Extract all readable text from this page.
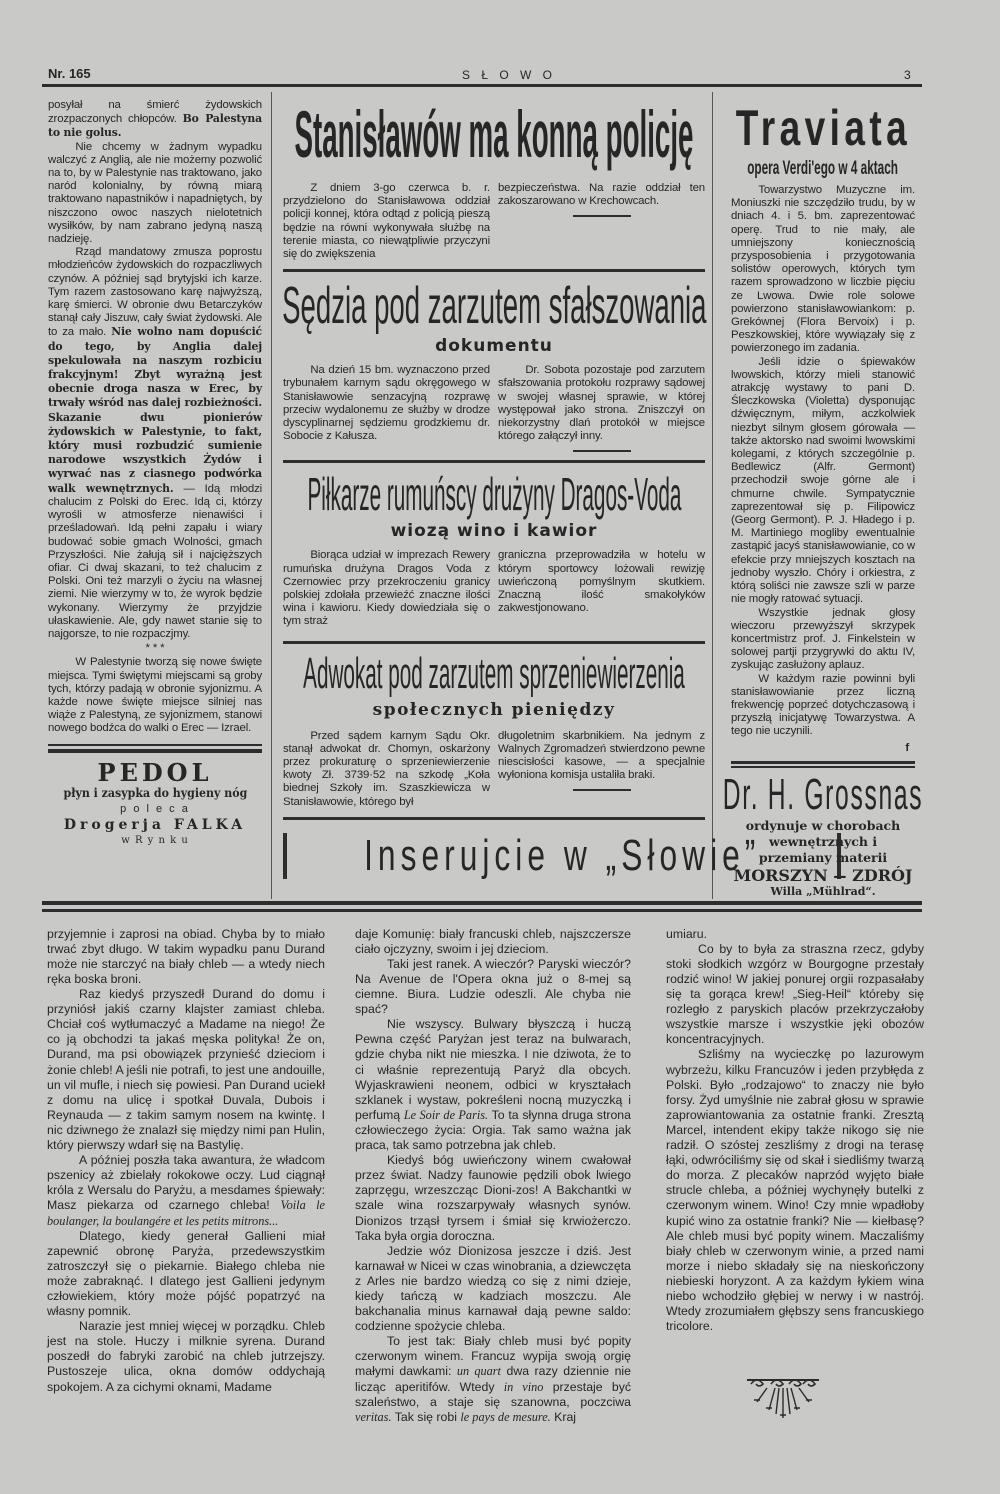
Nr. 165	S Ł O W O	3

posyłał na śmierć żydowskich zrozpaczonych chłopców. Bo Palestyna to nie golus.

Nie chcemy w żadnym wypadku walczyć z Anglią, ale nie możemy pozwolić na to, by w Palestynie nas traktowano, jako naród kolonialny, by równą miarą traktowano napastników i napadniętych, by niszczono owoc naszych nielotetnich wysiłków, by nam zabrano jedyną naszą nadzieję.

Rząd mandatowy zmusza poprostu młodzieńców żydowskich do rozpaczliwych czynów. A później sąd brytyjski ich karze. Tym razem zastosowano karę najwyższą, karę śmierci. W obronie dwu Betarczyków stanął cały Jiszuw, cały świat żydowski. Ale to za mało. Nie wolno nam dopuścić do tego, by Anglia dalej spekulowała na naszym rozbiciu frakcyjnym! Zbyt wyrażną jest obecnie droga nasza w Erec, by trwały wśród nas dalej rozbieżności. Skazanie dwu pionierów żydowskich w Palestynie, to fakt, który musi rozbudzić sumienie narodowe wszystkich Żydów i wyrwać nas z ciasnego podwórka walk wewnętrznych. — Idą młodzi chalucim z Polski do Erec. Idą ci, którzy wyrośli w atmosferze nienawiści i prześladowań. Idą pełni zapału i wiary budować sobie gmach Wolności, gmach Przyszłości. Nie żałują sił i najcięższych ofiar. Ci dwaj skazani, to też chalucim z Polski. Oni też marzyli o życiu na własnej ziemi. Nie wierzymy w to, że wyrok będzie wykonany. Wierzymy że przyjdzie ułaskawienie. Ale, gdy nawet stanie się to najgorsze, to nie rozpaczjmy.

* * *

W Palestynie tworzą się nowe święte miejsca. Tymi świętymi miejscami są groby tych, którzy padają w obronie syjonizmu. A każde nowe święte miejsce silniej nas wiąże z Palestyną, ze syjonizmem, stanowi nowego bodźca do walki o Erec — Izrael.

PEDOL
płyn i zasypka do hygieny nóg
p o l e c a
Drogerja FALKA
w R y n k u
Stanisławów ma konną policję

Z dniem 3-go czerwca b. r. przydzielono do Stanisławowa oddział policji konnej, która odtąd z policją pieszą będzie na równi wykonywała służbę na terenie miasta, co niewątpliwie przyczyni się do zwiększenia

bezpieczeństwa. Na razie oddział ten zakoszarowano w Krechowcach.

Sędzia pod zarzutem sfałszowania
dokumentu

Na dzień 15 bm. wyznaczono przed trybunałem karnym sądu okręgowego w Stanisławowie senzacyjną rozprawę przeciw wydalonemu ze służby w drodze dyscyplinarnej sędziemu grodzkiemu dr. Sobocie z Kałusza.

Dr. Sobota pozostaje pod zarzutem sfałszowania protokołu rozprawy sądowej w swojej własnej sprawie, w której występował jako strona. Zniszczył on niekorzystny dlań protokół w miejsce którego załączył inny.

Piłkarze rumuńscy drużyny Dragos-Voda
wiozą wino i kawior

Biorąca udział w imprezach Rewery rumuńska drużyna Dragos Voda z Czernowiec przy przekroczeniu granicy polskiej zdołała przewieźć znaczne ilości wina i kawioru. Kiedy dowiedziała się o tym straż

graniczna przeprowadziła w hotelu w którym sportowcy lożowali rewizję uwieńczoną pomyślnym skutkiem. Znaczną ilość smakołyków zakwestjonowano.

Adwokat pod zarzutem sprzeniewierzenia
społecznych pieniędzy

Przed sądem karnym Sądu Okr. stanął adwokat dr. Chomyn, oskarżony przez prokuraturę o sprzeniewierzenie kwoty Zł. 3739·52 na szkodę „Koła biednej Szkoły im. Szaszkiewicza w Stanisławowie, którego był

długoletnim skarbnikiem. Na jednym z Walnych Zgromadzeń stwierdzono pewne niescisłości kasowe, — a specjalnie wyłoniona komisja ustaliła braki.

Inserujcie w „Słowie”
Traviata
opera Verdi'ego w 4 aktach

Towarzystwo Muzyczne im. Moniuszki nie szczędziło trudu, by w dniach 4. i 5. bm. zaprezentować operę. Trud to nie mały, ale umniejszony koniecznością przysposobienia i przygotowania solistów operowych, których tym razem sprowadzono w liczbie pięciu ze Lwowa. Dwie role solowe powierzono stanisławowiankom: p. Grekównej (Flora Bervoix) i p. Peszkowskiej, które wywiązały się z powierzonego im zadania.

Jeśli idzie o śpiewaków lwowskich, którzy mieli stanowić atrakcję wystawy to pani D. Śleczkowska (Violetta) dysponując dźwięcznym, miłym, aczkolwiek niezbyt silnym głosem górowała — także aktorsko nad swoimi lwowskimi kolegami, z których szczególnie p. Bedlewicz (Alfr. Germont) przechodził swoje górne ale i chmurne chwile. Sympatycznie zaprezentował się p. Filipowicz (Georg Germont). P. J. Hładego i p. M. Martiniego mogliby ewentualnie zastąpić jacyś stanisławowianie, co w efekcie przy mniejszych kosztach na jednoby wyszło. Chóry i orkiestra, z którą soliści nie zawsze szli w parze nie mogły ratować sytuacji.

Wszystkie jednak głosy wieczoru przewyższył skrzypek koncertmistrz prof. J. Finkelstein w solowej partji przygrywki do aktu IV, zyskując zasłużony aplauz.

W każdym razie powinni byli stanisławowianie przez liczną frekwencję poprzeć dotychczasową i przyszłą inicjatywę Towarzystwa. A tego nie uczynili.

f
Dr. H. Grossnas
ordynuje w chorobach wewnętrznych i przemiany materii
MORSZYN -- ZDRÓJ
Willa „Mühlrad“.

przyjemnie i zaprosi na obiad. Chyba by to miało trwać zbyt długo. W takim wypadku panu Durand może nie starczyć na biały chleb — a wtedy niech ręka boska broni.

Raz kiedyś przyszedł Durand do domu i przyniósł jakiś czarny klajster zamiast chleba. Chciał coś wytłumaczyć a Madame na niego! Że co ją obchodzi ta jakaś męska polityka! Że on, Durand, ma psi obowiązek przynieść dzieciom i żonie chleb! A jeśli nie potrafi, to jest une andouille, un vil mufle, i niech się powiesi. Pan Durand uciekł z domu na ulicę i spotkał Duvala, Dubois i Reynauda — z takim samym nosem na kwintę. I nic dziwnego że znalazł się między nimi pan Hulin, który pierwszy wdarł się na Bastylię.

A później poszła taka awantura, że władcom pszenicy aż zbielały rokokowe oczy. Lud ciągnął króla z Wersalu do Paryżu, a mesdames śpiewały: Masz piekarza od czarnego chleba! Voila le boulanger, la boulangére et les petits mitrons...

Dlatego, kiedy generał Gallieni miał zapewnić obronę Paryża, przedewszystkim zatroszczył się o piekarnie. Białego chleba nie może zabraknąć. I dlatego jest Gallieni jedynym człowiekiem, który może pójść popatrzyć na własny pomnik.

Narazie jest mniej więcej w porządku. Chleb jest na stole. Huczy i milknie syrena. Durand poszedł do fabryki zarobić na chleb jutrzejszy. Pustoszeje ulica, okna domów oddychają spokojem. A za cichymi oknami, Madame

daje Komunię: biały francuski chleb, najszczersze ciało ojczyzny, swoim i jej dzieciom.

Taki jest ranek. A wieczór? Paryski wieczór? Na Avenue de l'Opera okna już o 8-mej są ciemne. Biura. Ludzie odeszli. Ale chyba nie spać?

Nie wszyscy. Bulwary błyszczą i huczą Pewna część Paryżan jest teraz na bulwarach, gdzie chyba nikt nie mieszka. I nie dziwota, że to ci właśnie reprezentują Paryż dla obcych. Wyjaskrawieni neonem, odbici w kryształach szklanek i wystaw, pokreśleni nocną muzyczką i perfumą Le Soir de Paris. To ta słynna druga strona człowieczego życia: Orgia. Tak samo ważna jak praca, tak samo potrzebna jak chleb.

Kiedyś bóg uwieńczony winem cwałował przez świat. Nadzy faunowie pędzili obok lwiego zaprzęgu, wrzeszcząc Dioni-zos! A Bakchantki w szale wina rozszarpywały własnych synów. Dionizos trząsł tyrsem i śmiał się krwiożerczo. Taka była orgia doroczna.

Jedzie wóz Dionizosa jeszcze i dziś. Jest karnawał w Nicei w czas winobrania, a dziewczęta z Arles nie bardzo wiedzą co się z nimi dzieje, kiedy tańczą w kadziach moszczu. Ale bakchanalia minus karnawał dają pewne saldo: codzienne spożycie chleba.

To jest tak: Biały chleb musi być popity czerwonym winem. Francuz wypija swoją orgię małymi dawkami: un quart dwa razy dziennie nie licząc aperitifów. Wtedy in vino przestaje być szaleństwo, a staje się szanowna, poczciwa veritas. Tak się robi le pays de mesure. Kraj

umiaru.

Co by to była za straszna rzecz, gdyby stoki słodkich wzgórz w Bourgogne przestały rodzić wino! W jakiej ponurej orgii rozpasałaby się ta gorąca krew! „Sieg-Heil“ któreby się rozległo z paryskich placów przekrzyczałoby wszystkie marsze i wszystkie jęki obozów koncentracyjnych.

Szliśmy na wycieczkę po lazurowym wybrzeżu, kilku Francuzów i jeden przybłęda z Polski. Było „rodzajowo“ to znaczy nie było forsy. Żyd umyślnie nie zabrał głosu w sprawie zaprowiantowania za ostatnie franki. Zresztą Marcel, intendent ekipy także nikogo się nie radził. O szóstej zeszliśmy z drogi na terasę łąki, odwróciliśmy się od skał i siedliśmy twarzą do morza. Z plecaków naprzód wyjęto białe strucle chleba, a później wychynęły butelki z czerwonym winem. Wino! Czy mnie wpadłoby kupić wino za ostatnie franki? Nie — kiełbasę? Ale chleb musi być popity winem. Maczaliśmy biały chleb w czerwonym winie, a przed nami morze i niebo składały się na nieskończony niebieski horyzont. A za każdym łykiem wina niebo wchodziło głębiej w nerwy i w nastrój. Wtedy zrozumiałem głębszy sens francuskiego tricolore.
